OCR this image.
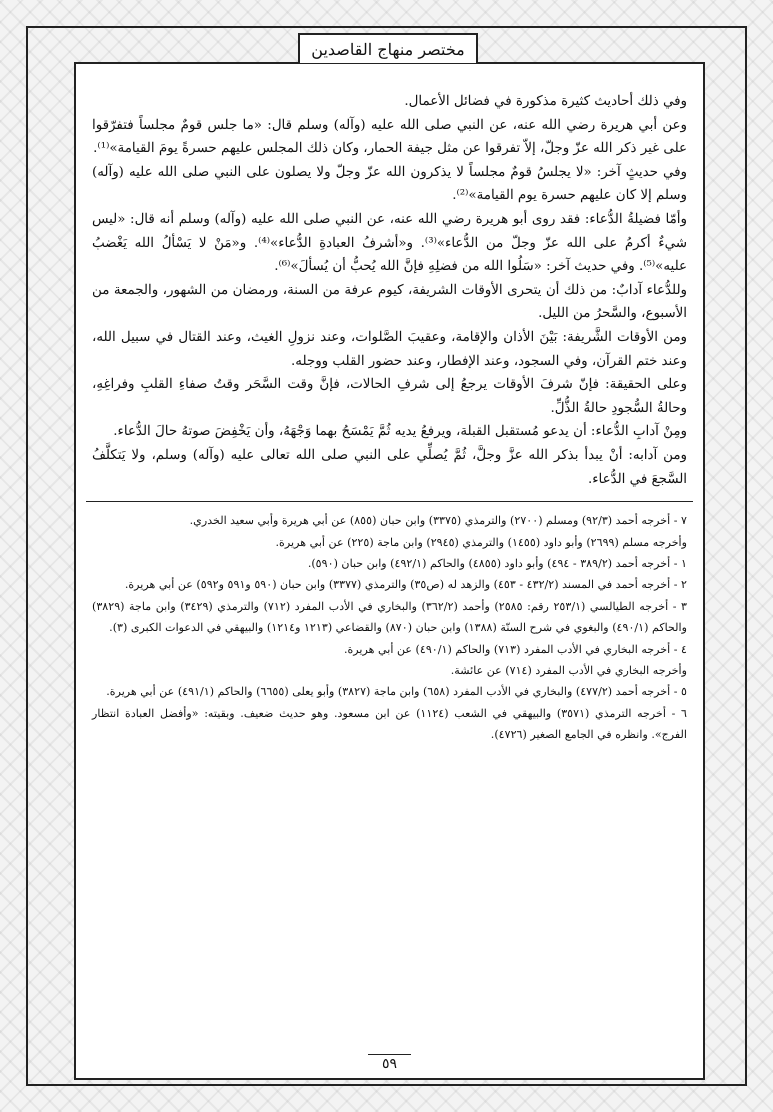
مختصر منهاج القاصدين

وفي ذلك أحاديث كثيرة مذكورة في فضائل الأعمال.

وعن أبي هريرة رضي الله عنه، عن النبي صلى الله عليه (وآله) وسلم قال: «ما جلس قومٌ مجلساً فتفرّقوا على غير ذكر الله عزّ وجلّ، إلاّ تفرقوا عن مثل جيفة الحمار، وكان ذلك المجلس عليهم حسرةً يومَ القيامة»⁽¹⁾.

وفي حديثٍ آخر: «لا يجلسُ قومٌ مجلساً لا يذكرون الله عزّ وجلّ ولا يصلون على النبي صلى الله عليه (وآله) وسلم إلا كان عليهم حسرة يوم القيامة»⁽²⁾.

وأمّا فضيلةُ الدُّعاء: فقد روى أبو هريرة رضي الله عنه، عن النبي صلى الله عليه (وآله) وسلم أنه قال: «ليس شيءٌ أكرمُ على الله عزّ وجلّ من الدُّعاء»⁽³⁾. و«أشرفُ العبادةِ الدُّعاء»⁽⁴⁾. و«مَنْ لا يَسْألُ الله يَغْضبُ عليه»⁽⁵⁾. وفي حديث آخر: «سَلُوا الله من فضلِهِ فإنَّ الله يُحبُّ أن يُسألَ»⁽⁶⁾.

وللدُّعاء آدابٌ: من ذلك أن يتحرى الأوقات الشريفة، كيوم عرفة من السنة، ورمضان من الشهور، والجمعة من الأسبوع، والسَّحرُ من الليل.

ومن الأوقات الشَّريفة: بَيْنَ الأذان والإقامة، وعقيبَ الصَّلوات، وعند نزولِ الغيث، وعند القتال في سبيل الله، وعند ختم القرآن، وفي السجود، وعند الإفطار، وعند حضور القلب ووجله.

وعلى الحقيقة: فإنّ شرفَ الأوقات يرجعُ إلى شرفِ الحالات، فإنَّ وقت السَّحَر وقتُ صفاءِ القلبِ وفراغِهِ، وحالةُ السُّجودِ حالةُ الذُّلِّ.

ومِنْ آدابِ الدُّعاء: أن يدعو مُستقبل القبلة، ويرفعُ يديه ثُمَّ يَمْسَحُ بهما وَجْهَهُ، وأن يَخْفِضَ صوتهُ حالَ الدُّعاء.

ومن آدابه: أنْ يبدأ بذكر الله عزَّ وجلَّ، ثُمَّ يُصلِّي على النبي صلى الله تعالى عليه (وآله) وسلم، ولا يَتكلَّفُ السَّجعَ في الدُّعاء.

٧ - أخرجه أحمد (٩٢/٣) ومسلم (٢٧٠٠) والترمذي (٣٣٧٥) وابن حبان (٨٥٥) عن أبي هريرة وأبي سعيد الخدري.

وأخرجه مسلم (٢٦٩٩) وأبو داود (١٤٥٥) والترمذي (٢٩٤٥) وابن ماجة (٢٢٥) عن أبي هريرة.

١ - أخرجه أحمد (٣٨٩/٢ - ٤٩٤) وأبو داود (٤٨٥٥) والحاكم (٤٩٢/١) وابن حبان (٥٩٠).

٢ - أخرجه أحمد في المسند (٤٣٢/٢ - ٤٥٣) والزهد له (ص٣٥) والترمذي (٣٣٧٧) وابن حبان (٥٩٠ و٥٩١ و٥٩٢) عن أبي هريرة.

٣ - أخرجه الطيالسي (٢٥٣/١ رقم: ٢٥٨٥) وأحمد (٣٦٢/٢) والبخاري في الأدب المفرد (٧١٢) والترمذي (٣٤٢٩) وابن ماجة (٣٨٢٩) والحاكم (٤٩٠/١) والبغوي في شرح السنّة (١٣٨٨) وابن حبان (٨٧٠) والقضاعي (١٢١٣ و١٢١٤) والبيهقي في الدعوات الكبرى (٣).

٤ - أخرجه البخاري في الأدب المفرد (٧١٣) والحاكم (٤٩٠/١) عن أبي هريرة.

وأخرجه البخاري في الأدب المفرد (٧١٤) عن عائشة.

٥ - أخرجه أحمد (٤٧٧/٢) والبخاري في الأدب المفرد (٦٥٨) وابن ماجة (٣٨٢٧) وأبو يعلى (٦٦٥٥) والحاكم (٤٩١/١) عن أبي هريرة.

٦ - أخرجه الترمذي (٣٥٧١) والبيهقي في الشعب (١١٢٤) عن ابن مسعود. وهو حديث ضعيف. وبقيته: «وأفضل العبادة انتظار الفرج». وانظره في الجامع الصغير (٤٧٢٦).

٥٩
